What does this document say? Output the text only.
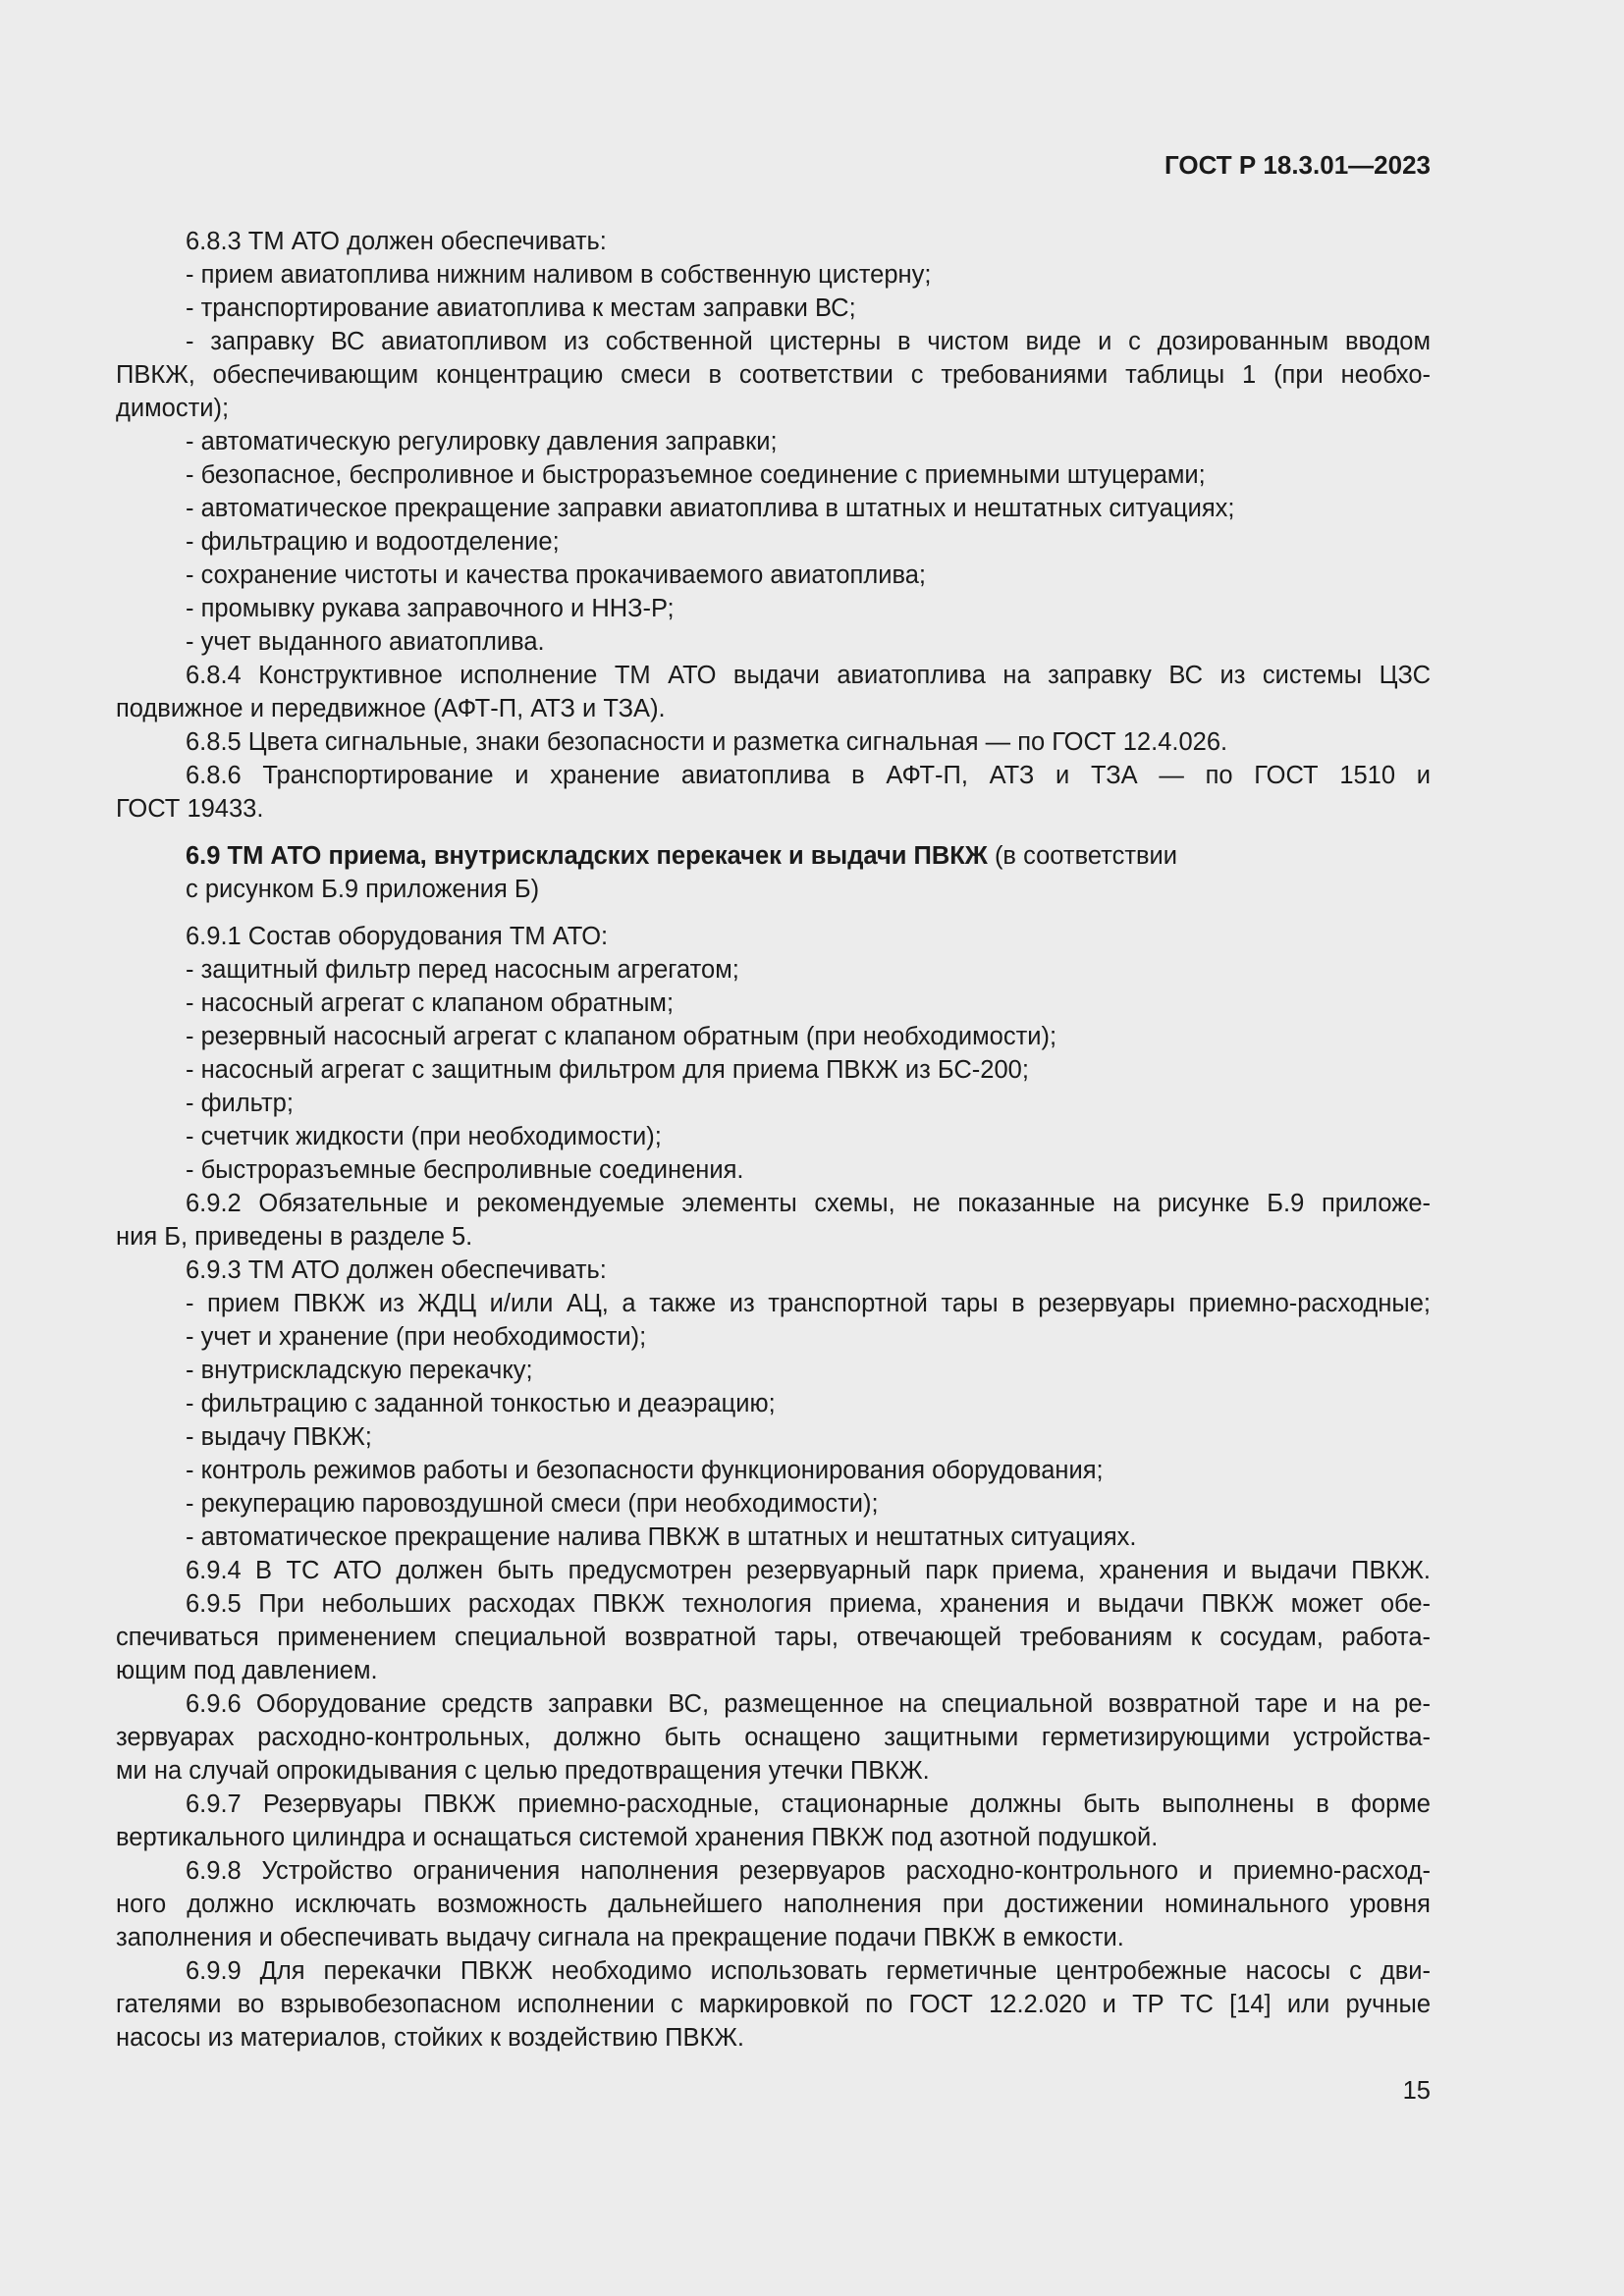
ГОСТ Р 18.3.01—2023
6.8.3 ТМ АТО должен обеспечивать:
- прием авиатоплива нижним наливом в собственную цистерну;
- транспортирование авиатоплива к местам заправки ВС;
- заправку ВС авиатопливом из собственной цистерны в чистом виде и с дозированным вводом
ПВКЖ, обеспечивающим концентрацию смеси в соответствии с требованиями таблицы 1 (при необхо-
димости);
- автоматическую регулировку давления заправки;
- безопасное, беспроливное и быстроразъемное соединение с приемными штуцерами;
- автоматическое прекращение заправки авиатоплива в штатных и нештатных ситуациях;
- фильтрацию и водоотделение;
- сохранение чистоты и качества прокачиваемого авиатоплива;
- промывку рукава заправочного и ННЗ-Р;
- учет выданного авиатоплива.
6.8.4 Конструктивное исполнение ТМ АТО выдачи авиатоплива на заправку ВС из системы ЦЗС
подвижное и передвижное (АФТ-П, АТЗ и ТЗА).
6.8.5 Цвета сигнальные, знаки безопасности и разметка сигнальная — по ГОСТ 12.4.026.
6.8.6 Транспортирование и хранение авиатоплива в АФТ-П, АТЗ и ТЗА — по ГОСТ 1510 и
ГОСТ 19433.
6.9 ТМ АТО приема, внутрискладских перекачек и выдачи ПВКЖ (в соответствии
с рисунком Б.9 приложения Б)
6.9.1 Состав оборудования ТМ АТО:
- защитный фильтр перед насосным агрегатом;
- насосный агрегат с клапаном обратным;
- резервный насосный агрегат с клапаном обратным (при необходимости);
- насосный агрегат с защитным фильтром для приема ПВКЖ из БС-200;
- фильтр;
- счетчик жидкости (при необходимости);
- быстроразъемные беспроливные соединения.
6.9.2 Обязательные и рекомендуемые элементы схемы, не показанные на рисунке Б.9 приложе-
ния Б, приведены в разделе 5.
6.9.3 ТМ АТО должен обеспечивать:
- прием ПВКЖ из ЖДЦ и/или АЦ, а также из транспортной тары в резервуары приемно-расходные;
- учет и хранение (при необходимости);
- внутрискладскую перекачку;
- фильтрацию с заданной тонкостью и деаэрацию;
- выдачу ПВКЖ;
- контроль режимов работы и безопасности функционирования оборудования;
- рекуперацию паровоздушной смеси (при необходимости);
- автоматическое прекращение налива ПВКЖ в штатных и нештатных ситуациях.
6.9.4 В ТС АТО должен быть предусмотрен резервуарный парк приема, хранения и выдачи ПВКЖ.
6.9.5 При небольших расходах ПВКЖ технология приема, хранения и выдачи ПВКЖ может обе-
спечиваться применением специальной возвратной тары, отвечающей требованиям к сосудам, работа-
ющим под давлением.
6.9.6 Оборудование средств заправки ВС, размещенное на специальной возвратной таре и на ре-
зервуарах расходно-контрольных, должно быть оснащено защитными герметизирующими устройства-
ми на случай опрокидывания с целью предотвращения утечки ПВКЖ.
6.9.7 Резервуары ПВКЖ приемно-расходные, стационарные должны быть выполнены в форме
вертикального цилиндра и оснащаться системой хранения ПВКЖ под азотной подушкой.
6.9.8 Устройство ограничения наполнения резервуаров расходно-контрольного и приемно-расход-
ного должно исключать возможность дальнейшего наполнения при достижении номинального уровня
заполнения и обеспечивать выдачу сигнала на прекращение подачи ПВКЖ в емкости.
6.9.9 Для перекачки ПВКЖ необходимо использовать герметичные центробежные насосы с дви-
гателями во взрывобезопасном исполнении с маркировкой по ГОСТ 12.2.020 и ТР ТС [14] или ручные
насосы из материалов, стойких к воздействию ПВКЖ.
15
